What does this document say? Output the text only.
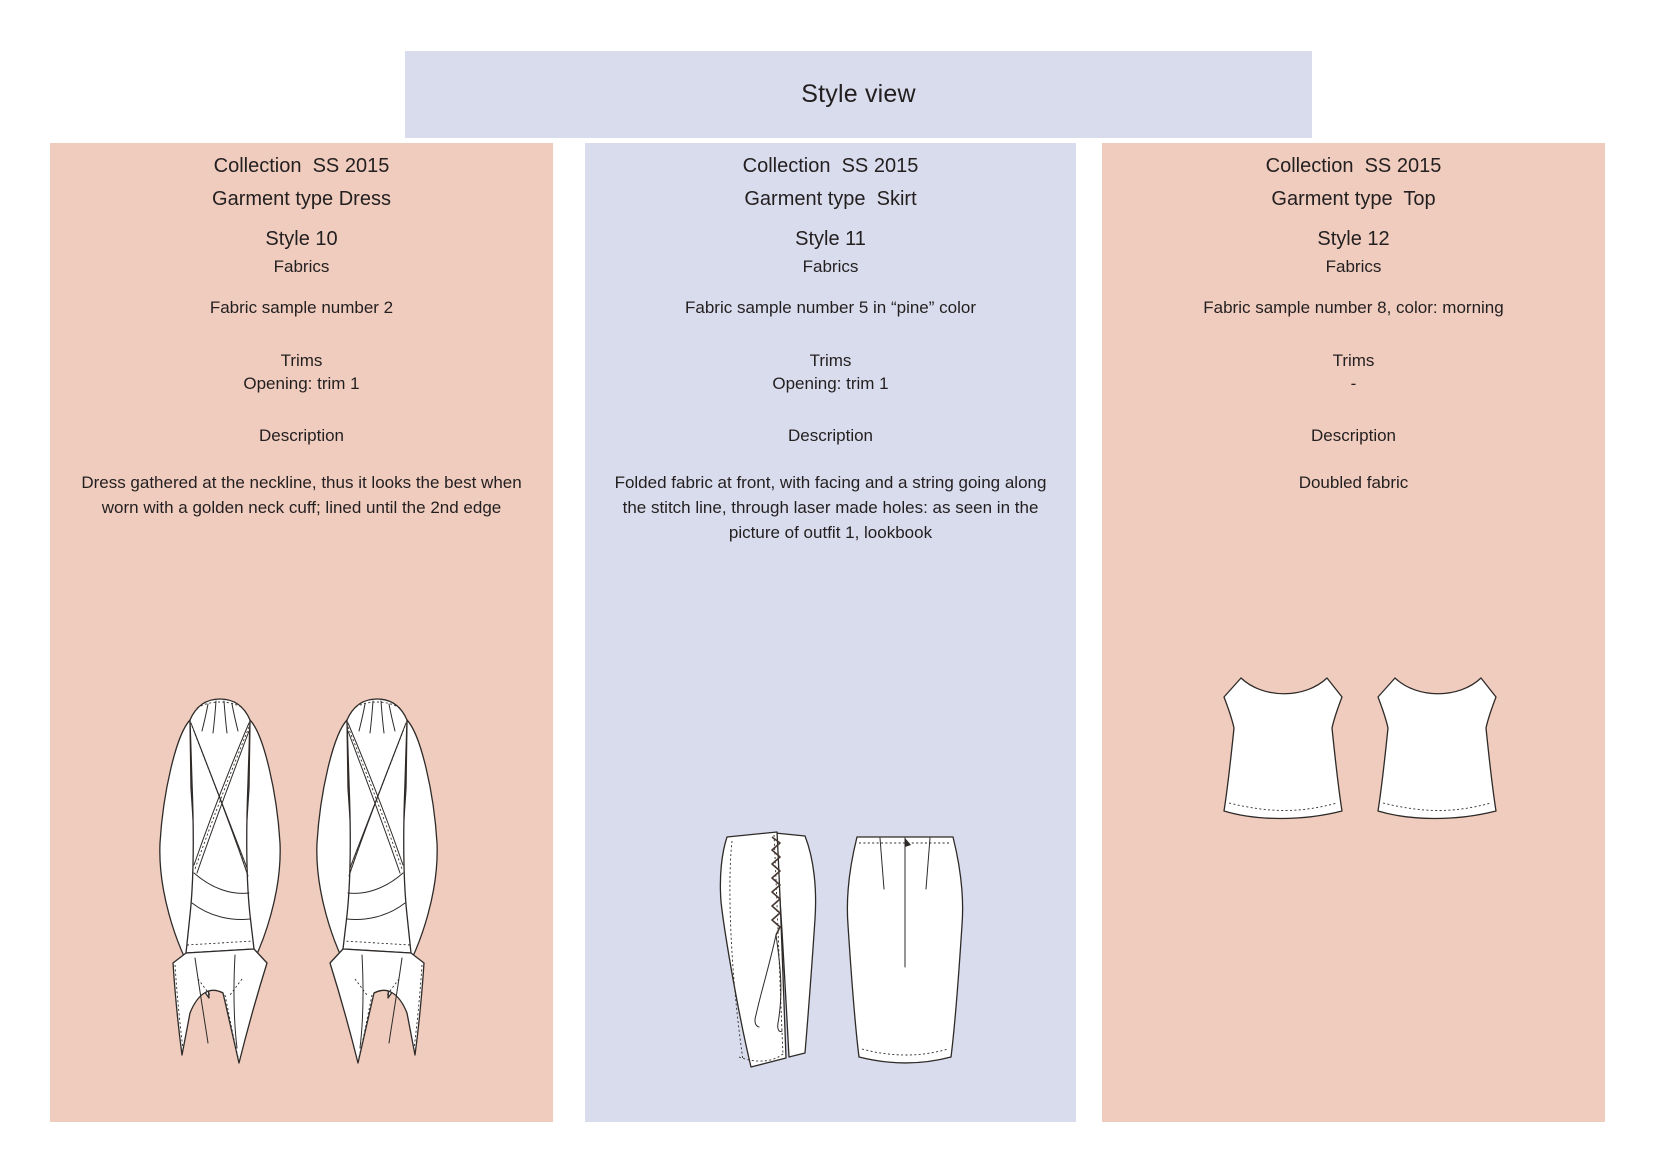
Style view

Collection  SS 2015

Garment type Dress

Style 10

Fabrics

Fabric sample number 2

Trims

Opening: trim 1

Description

Dress gathered at the neckline, thus it looks the best when worn with a golden neck cuff; lined until the 2nd edge

Collection  SS 2015

Garment type  Skirt

Style 11

Fabrics

Fabric sample number 5 in “pine” color

Trims

Opening: trim 1

Description

Folded fabric at front, with facing and a string going along the stitch line, through laser made holes: as seen in the picture of outfit 1, lookbook

Collection  SS 2015

Garment type  Top

Style 12

Fabrics

Fabric sample number 8, color: morning

Trims

-

Description

Doubled fabric
